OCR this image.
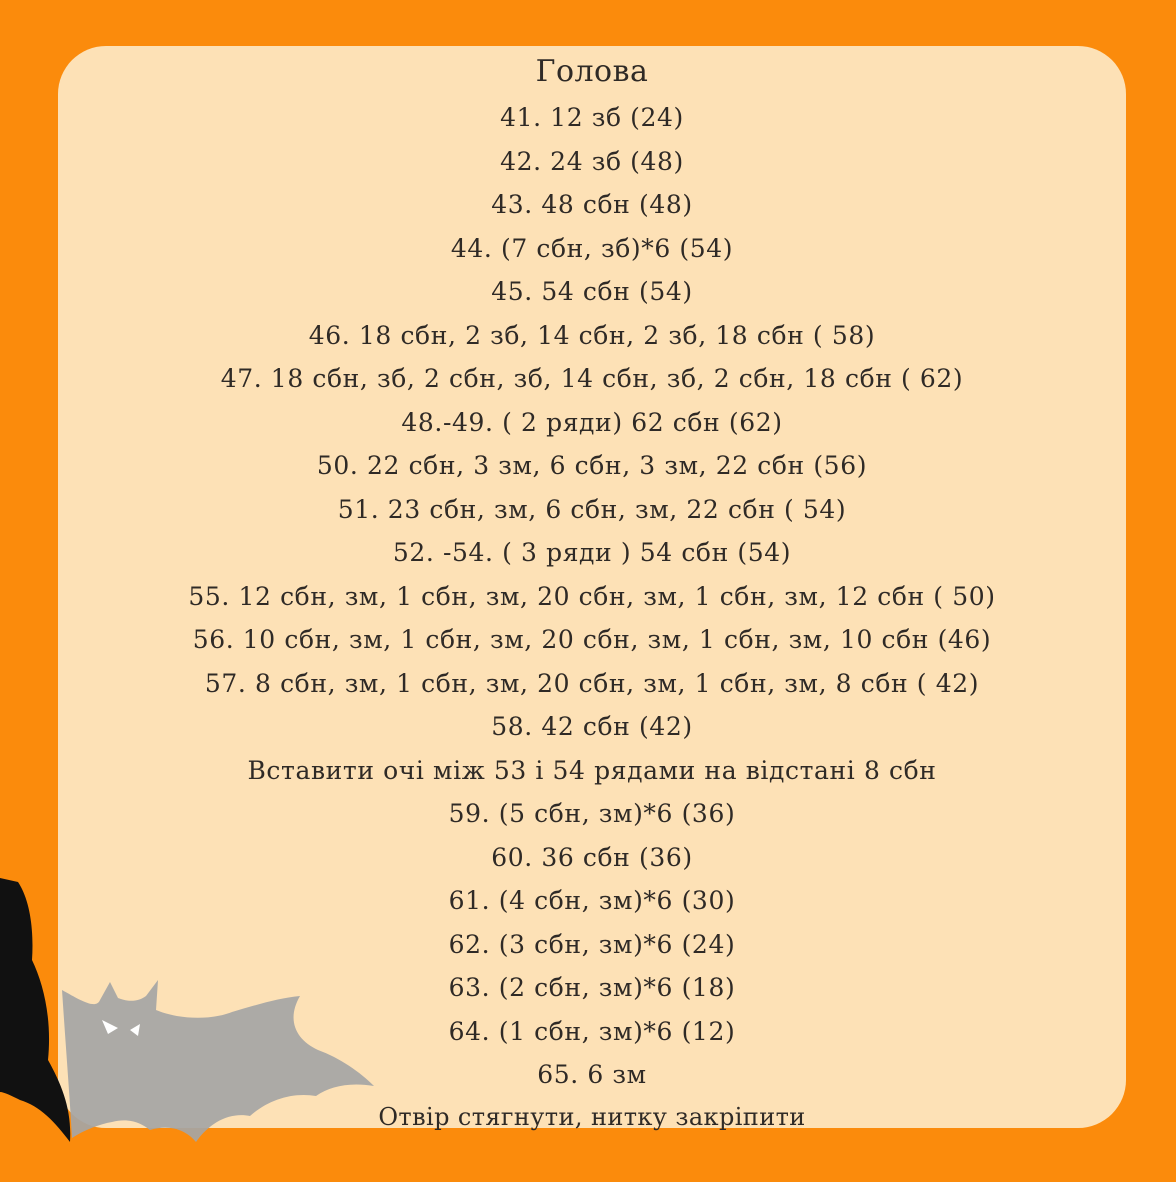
Голова
41. 12 зб (24)
42. 24 зб (48)
43. 48 сбн (48)
44. (7 сбн, зб)*6 (54)
45. 54 сбн (54)
46. 18 сбн, 2 зб, 14 сбн, 2 зб, 18 сбн ( 58)
47. 18 сбн, зб, 2 сбн, зб, 14 сбн, зб, 2 сбн, 18 сбн ( 62)
48.-49. ( 2 ряди) 62 сбн (62)
50. 22 сбн, 3 зм, 6 сбн, 3 зм, 22 сбн (56)
51. 23 сбн, зм, 6 сбн, зм, 22 сбн ( 54)
52. -54. ( 3 ряди ) 54 сбн (54)
55. 12 сбн, зм, 1 сбн, зм, 20 сбн, зм, 1 сбн, зм, 12 сбн ( 50)
56. 10 сбн, зм, 1 сбн, зм, 20 сбн, зм, 1 сбн, зм, 10 сбн (46)
57. 8 сбн, зм, 1 сбн, зм, 20 сбн, зм, 1 сбн, зм, 8 сбн ( 42)
58. 42 сбн (42)
Вставити очі між 53 і 54 рядами на відстані 8 сбн
59. (5 сбн, зм)*6 (36)
60. 36 сбн (36)
61. (4 сбн, зм)*6 (30)
62. (3 сбн, зм)*6 (24)
63. (2 сбн, зм)*6 (18)
64. (1 сбн, зм)*6 (12)
65. 6 зм
Отвір стягнути, нитку закріпити
